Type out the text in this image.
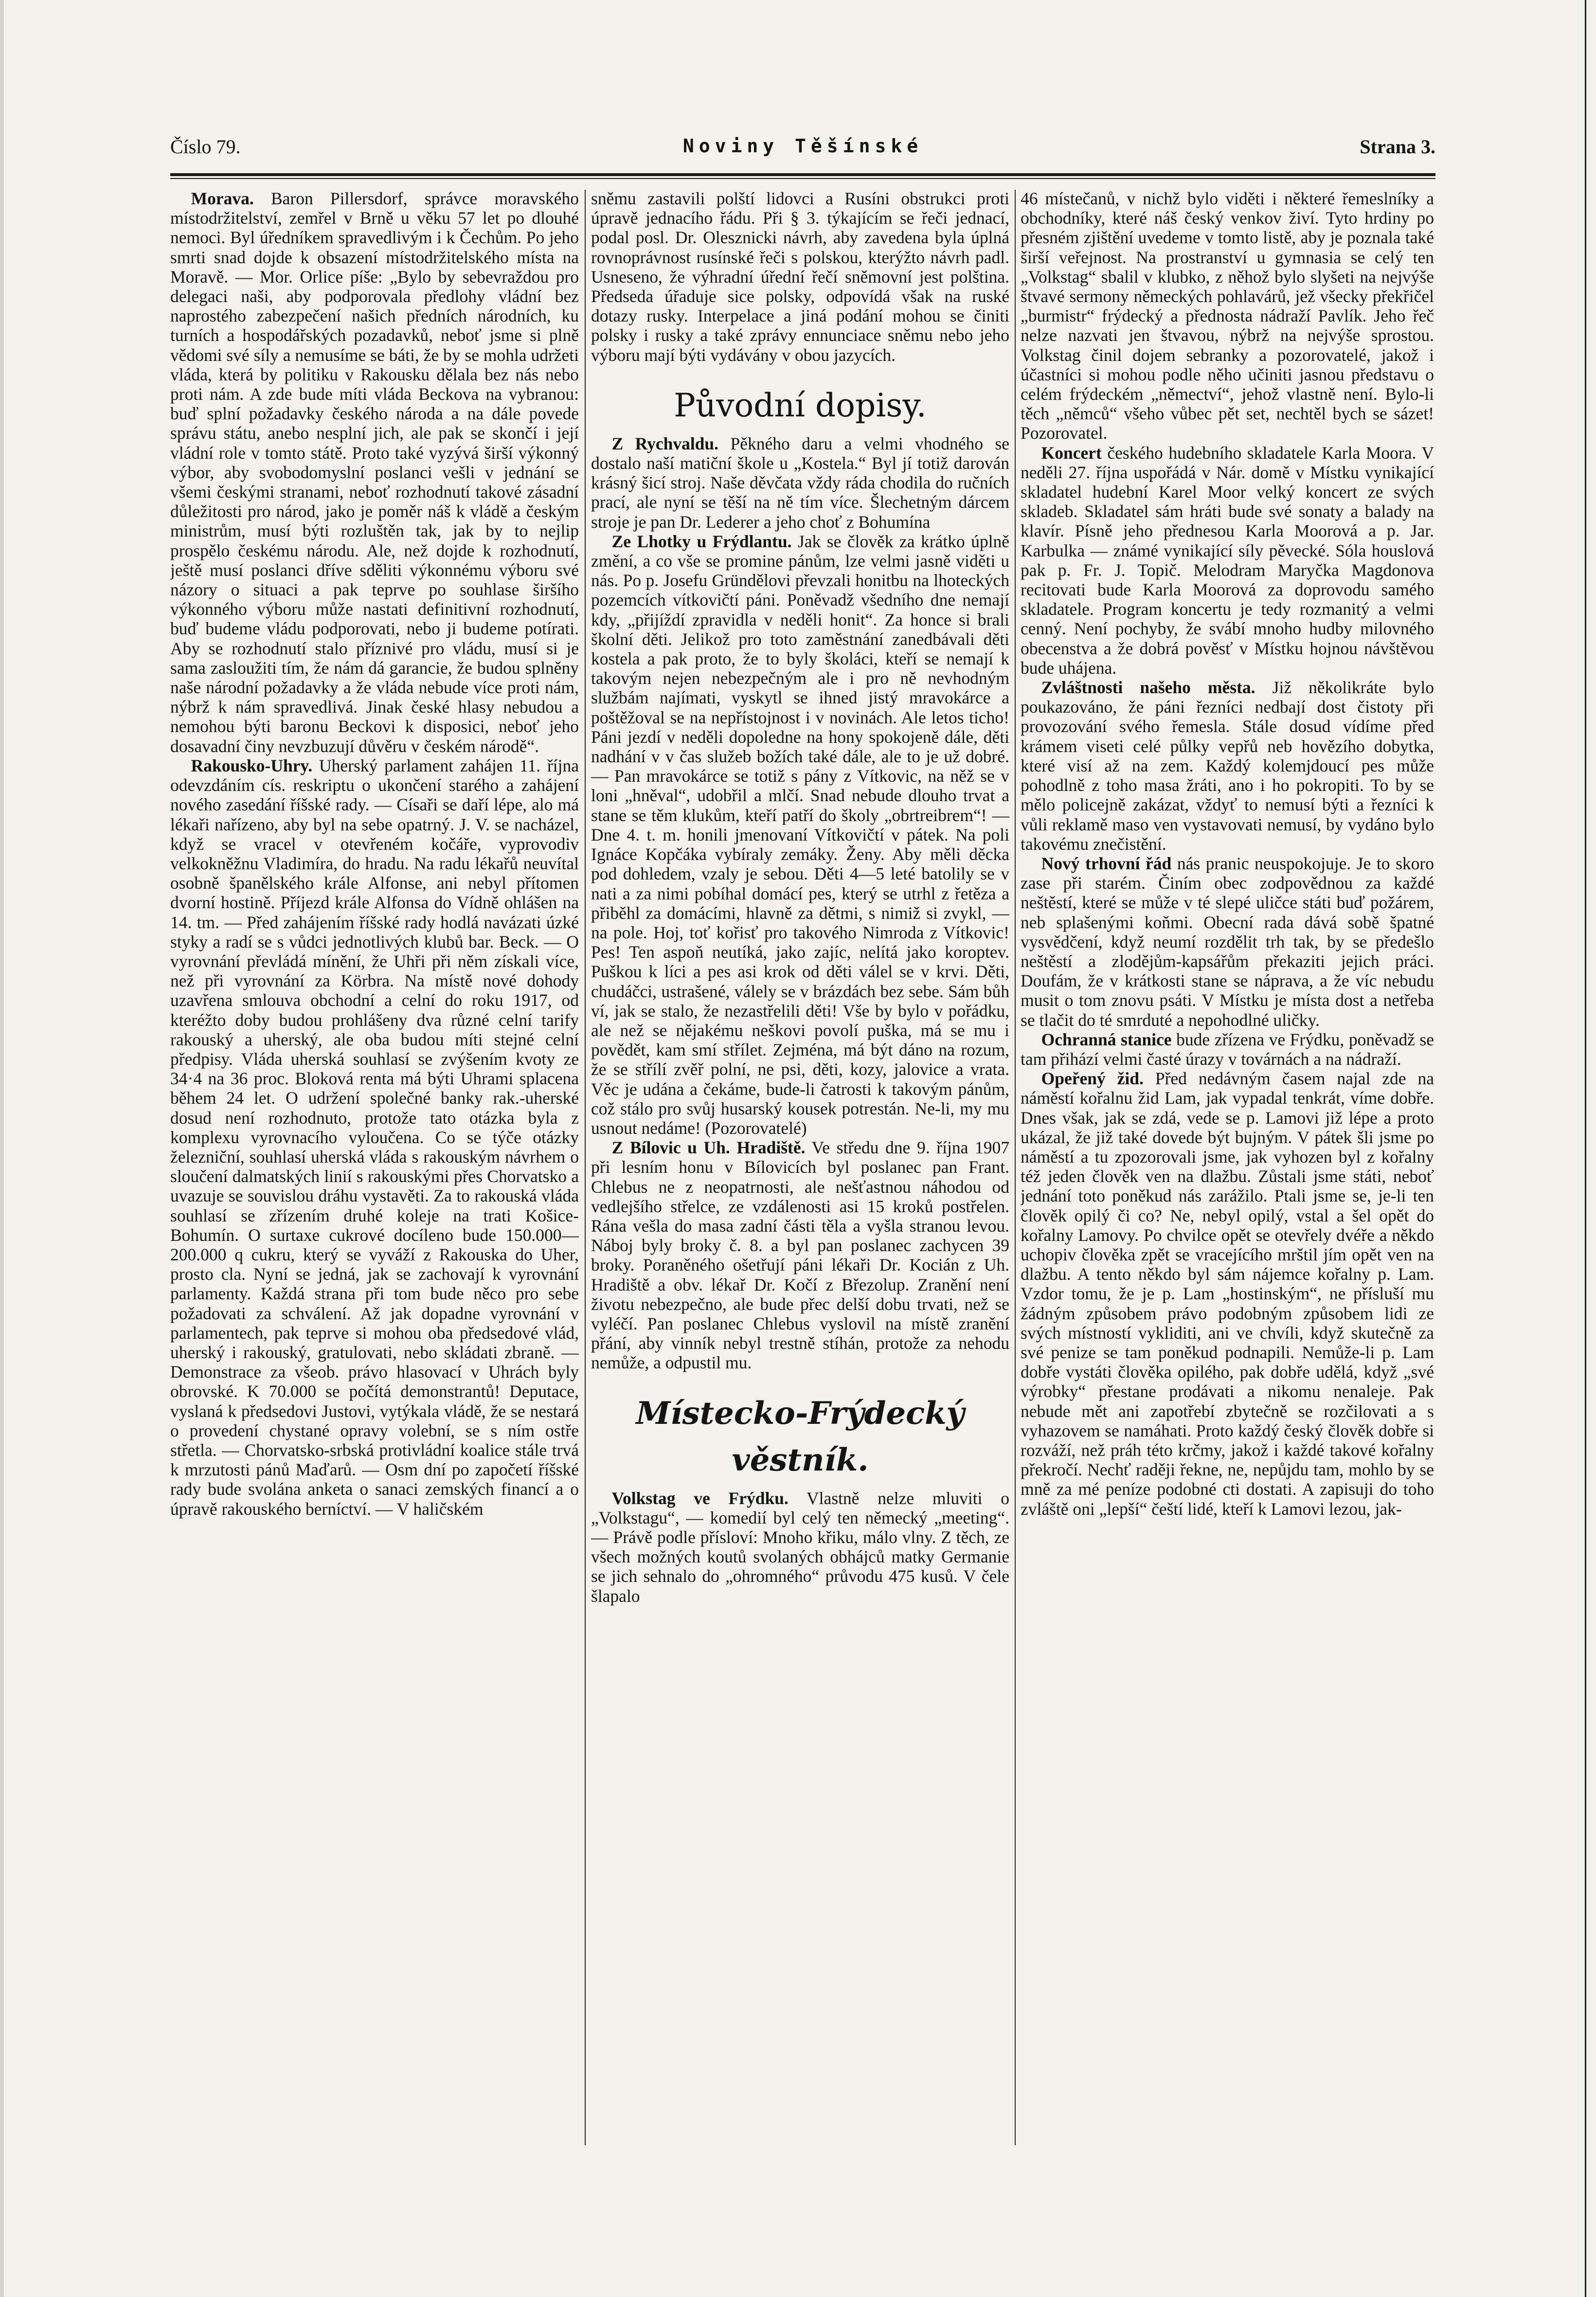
Číslo 79.	Noviny Těšínské	Strana 3.

Morava. Baron Pillersdorf, správce moravského místodržitelství, zemřel v Brně u věku 57 let po dlouhé nemoci. Byl úředníkem spravedlivým i k Čechům. Po jeho smrti snad dojde k obsazení místodržitelského místa na Moravě. — Mor. Orlice píše: „Bylo by sebevraždou pro delegaci naši, aby podporovala předlohy vládní bez naprostého zabezpečení našich předních národních, ku turních a hospodářských pozadavků, neboť jsme si plně vědomi své síly a nemusíme se báti, že by se mohla udržeti vláda, která by politiku v Rakousku dělala bez nás nebo proti nám. A zde bude míti vláda Beckova na vybranou: buď splní požadavky českého národa a na dále povede správu státu, anebo nesplní jich, ale pak se skončí i její vládní role v tomto státě. Proto také vyzývá širší výkonný výbor, aby svobodomyslní poslanci vešli v jednání se všemi českými stranami, neboť rozhodnutí takové zásadní důležitosti pro národ, jako je poměr náš k vládě a českým ministrům, musí býti rozluštěn tak, jak by to nejlip prospělo českému národu. Ale, než dojde k rozhodnutí, ještě musí poslanci dříve sděliti výkonnému výboru své názory o situaci a pak teprve po souhlase širšího výkonného výboru může nastati definitivní rozhodnutí, buď budeme vládu podporovati, nebo ji budeme potírati. Aby se rozhodnutí stalo příznivé pro vládu, musí si je sama zasloužiti tím, že nám dá garancie, že budou splněny naše národní požadavky a že vláda nebude více proti nám, nýbrž k nám spravedlivá. Jinak české hlasy nebudou a nemohou býti baronu Beckovi k disposici, neboť jeho dosavadní činy nevzbuzují důvěru v českém národě“.

Rakousko-Uhry. Uherský parlament zahájen 11. října odevzdáním cís. reskriptu o ukončení starého a zahájení nového zasedání říšské rady. — Císaři se daří lépe, alo má lékaři nařízeno, aby byl na sebe opatrný. J. V. se nacházel, když se vracel v otevřeném kočáře, vyprovodiv velkokněžnu Vladimíra, do hradu. Na radu lékařů neuvítal osobně španělského krále Alfonse, ani nebyl přítomen dvorní hostině. Příjezd krále Alfonsa do Vídně ohlášen na 14. tm. — Před zahájením říšské rady hodlá navázati úzké styky a radí se s vůdci jednotlivých klubů bar. Beck. — O vyrovnání převládá mínění, že Uhři při něm získali více, než při vyrovnání za Körbra. Na místě nové dohody uzavřena smlouva obchodní a celní do roku 1917, od kteréžto doby budou prohlášeny dva různé celní tarify rakouský a uherský, ale oba budou míti stejné celní předpisy. Vláda uherská souhlasí se zvýšením kvoty ze 34·4 na 36 proc. Bloková renta má býti Uhrami splacena během 24 let. O udržení společné banky rak.-uherské dosud není rozhodnuto, protože tato otázka byla z komplexu vyrovnacího vyloučena. Co se týče otázky železniční, souhlasí uherská vláda s rakouským návrhem o sloučení dalmatských linií s rakouskými přes Chorvatsko a uvazuje se souvislou dráhu vystavěti. Za to rakouská vláda souhlasí se zřízením druhé koleje na trati Košice-Bohumín. O surtaxe cukrové docíleno bude 150.000—200.000 q cukru, který se vyváží z Rakouska do Uher, prosto cla. Nyní se jedná, jak se zachovají k vyrovnání parlamenty. Každá strana při tom bude něco pro sebe požadovati za schválení. Až jak dopadne vyrovnání v parlamentech, pak teprve si mohou oba předsedové vlád, uherský i rakouský, gratulovati, nebo skládati zbraně. — Demonstrace za všeob. právo hlasovací v Uhrách byly obrovské. K 70.000 se počítá demonstrantů! Deputace, vyslaná k předsedovi Justovi, vytýkala vládě, že se nestará o provedení chystané opravy volební, se s ním ostře střetla. — Chorvatsko-srbská protivládní koalice stále trvá k mrzutosti pánů Maďarů. — Osm dní po započetí říšské rady bude svolána anketa o sanaci zemských financí a o úpravě rakouského berníctví. — V haličském

sněmu zastavili polští lidovci a Rusíni obstrukci proti úpravě jednacího řádu. Při § 3. týkajícím se řeči jednací, podal posl. Dr. Olesznicki návrh, aby zavedena byla úplná rovnoprávnost rusínské řeči s polskou, kterýžto návrh padl. Usneseno, že výhradní úřední řečí sněmovní jest polština. Předseda úřaduje sice polsky, odpovídá však na ruské dotazy rusky. Interpelace a jiná podání mohou se činiti polsky i rusky a také zprávy ennunciace sněmu nebo jeho výboru mají býti vydávány v obou jazycích.

Původní dopisy.

Z Rychvaldu. Pěkného daru a velmi vhodného se dostalo naší matiční škole u „Kostela.“ Byl jí totiž darován krásný šicí stroj. Naše děvčata vždy ráda chodila do ručních prací, ale nyní se těší na ně tím více. Šlechetným dárcem stroje je pan Dr. Lederer a jeho choť z Bohumína

Ze Lhotky u Frýdlantu. Jak se člověk za krátko úplně změní, a co vše se promine pánům, lze velmi jasně viděti u nás. Po p. Josefu Gründělovi převzali honitbu na lhoteckých pozemcích vítkovičtí páni. Poněvadž všedního dne nemají kdy, „přijíždí zpravidla v neděli honit“. Za honce si brali školní děti. Jelikož pro toto zaměstnání zanedbávali děti kostela a pak proto, že to byly školáci, kteří se nemají k takovým nejen nebezpečným ale i pro ně nevhodným službám najímati, vyskytl se ihned jistý mravokárce a poštěžoval se na nepřístojnost i v novinách. Ale letos ticho! Páni jezdí v neděli dopoledne na hony spokojeně dále, děti nadhání v v čas služeb božích také dále, ale to je už dobré. — Pan mravokárce se totiž s pány z Vítkovic, na něž se v loni „hněval“, udobřil a mlčí. Snad nebude dlouho trvat a stane se těm klukům, kteří patří do školy „obrtreibrem“! — Dne 4. t. m. honili jmenovaní Vítkovičtí v pátek. Na poli Ignáce Kopčáka vybíraly zemáky. Ženy. Aby měli děcka pod dohledem, vzaly je sebou. Děti 4—5 leté batolily se v nati a za nimi pobíhal domácí pes, který se utrhl z řetěza a přiběhl za domácími, hlavně za dětmi, s nimiž si zvykl, — na pole. Hoj, toť kořisť pro takového Nimroda z Vítkovic! Pes! Ten aspoň neutíká, jako zajíc, nelítá jako koroptev. Puškou k líci a pes asi krok od děti válel se v krvi. Děti, chudáčci, ustrašené, válely se v brázdách bez sebe. Sám bůh ví, jak se stalo, že nezastřelili děti! Vše by bylo v pořádku, ale než se nějakému neškovi povolí puška, má se mu i povědět, kam smí střílet. Zejména, má být dáno na rozum, že se střílí zvěř polní, ne psi, děti, kozy, jalovice a vrata. Věc je udána a čekáme, bude-li čatrosti k takovým pánům, což stálo pro svůj husarský kousek potrestán. Ne-li, my mu usnout nedáme! (Pozorovatelé)

Z Bílovic u Uh. Hradiště. Ve středu dne 9. října 1907 při lesním honu v Bílovicích byl poslanec pan Frant. Chlebus ne z neopatrnosti, ale nešťastnou náhodou od vedlejšího střelce, ze vzdálenosti asi 15 kroků postřelen. Rána vešla do masa zadní části těla a vyšla stranou levou. Náboj byly broky č. 8. a byl pan poslanec zachycen 39 broky. Poraněného ošetřují páni lékaři Dr. Kocián z Uh. Hradiště a obv. lékař Dr. Kočí z Březolup. Zranění není životu nebezpečno, ale bude přec delší dobu trvati, než se vyléčí. Pan poslanec Chlebus vyslovil na místě zranění přání, aby vinník nebyl trestně stíhán, protože za nehodu nemůže, a odpustil mu.

Místecko-Frýdecký věstník.

Volkstag ve Frýdku. Vlastně nelze mluviti o „Volkstagu“, — komedií byl celý ten německý „meeting“. — Právě podle přísloví: Mnoho křiku, málo vlny. Z těch, ze všech možných koutů svolaných obhájců matky Germanie se jich sehnalo do „ohromného“ průvodu 475 kusů. V čele šlapalo

46 místečanů, v nichž bylo viděti i některé řemeslníky a obchodníky, které náš český venkov živí. Tyto hrdiny po přesném zjištění uvedeme v tomto listě, aby je poznala také širší veřejnost. Na prostranství u gymnasia se celý ten „Volkstag“ sbalil v klubko, z něhož bylo slyšeti na nejvýše štvavé sermony německých pohlavárů, jež všecky překřičel „burmistr“ frýdecký a přednosta nádraží Pavlík. Jeho řeč nelze nazvati jen štvavou, nýbrž na nejvýše sprostou. Volkstag činil dojem sebranky a pozorovatelé, jakož i účastníci si mohou podle něho učiniti jasnou představu o celém frýdeckém „němectví“, jehož vlastně není. Bylo-li těch „němců“ všeho vůbec pět set, nechtěl bych se sázet! Pozorovatel.

Koncert českého hudebního skladatele Karla Moora. V neděli 27. října uspořádá v Nár. domě v Místku vynikající skladatel hudební Karel Moor velký koncert ze svých skladeb. Skladatel sám hráti bude své sonaty a balady na klavír. Písně jeho přednesou Karla Moorová a p. Jar. Karbulka — známé vynikající síly pěvecké. Sóla houslová pak p. Fr. J. Topič. Melodram Maryčka Magdonova recitovati bude Karla Moorová za doprovodu samého skladatele. Program koncertu je tedy rozmanitý a velmi cenný. Není pochyby, že svábí mnoho hudby milovného obecenstva a že dobrá pověsť v Místku hojnou návštěvou bude uhájena.

Zvláštnosti našeho města. Již několikráte bylo poukazováno, že páni řezníci nedbají dost čistoty při provozování svého řemesla. Stále dosud vídíme před krámem viseti celé půlky vepřů neb hovězího dobytka, které visí až na zem. Každý kolemjdoucí pes může pohodlně z toho masa žráti, ano i ho pokropiti. To by se mělo policejně zakázat, vždyť to nemusí býti a řezníci k vůli reklamě maso ven vystavovati nemusí, by vydáno bylo takovému znečistění.

Nový trhovní řád nás pranic neuspokojuje. Je to skoro zase při starém. Činím obec zodpovědnou za každé neštěstí, které se může v té slepé uličce státi buď požárem, neb splašenými koňmi. Obecní rada dává sobě špatné vysvědčení, když neumí rozdělit trh tak, by se předešlo neštěstí a zlodějům-kapsářům překaziti jejich práci. Doufám, že v krátkosti stane se náprava, a že víc nebudu musit o tom znovu psáti. V Místku je místa dost a netřeba se tlačit do té smrduté a nepohodlné uličky.

Ochranná stanice bude zřízena ve Frýdku, poněvadž se tam přihází velmi časté úrazy v továrnách a na nádraží.

Opeřený žid. Před nedávným časem najal zde na náměstí kořalnu žid Lam, jak vypadal tenkrát, víme dobře. Dnes však, jak se zdá, vede se p. Lamovi již lépe a proto ukázal, že již také dovede být bujným. V pátek šli jsme po náměstí a tu zpozorovali jsme, jak vyhozen byl z kořalny též jeden člověk ven na dlažbu. Zůstali jsme státi, neboť jednání toto poněkud nás zarážilo. Ptali jsme se, je-li ten člověk opilý či co? Ne, nebyl opilý, vstal a šel opět do kořalny Lamovy. Po chvilce opět se otevřely dvéře a někdo uchopiv člověka zpět se vracejícího mrštil jím opět ven na dlažbu. A tento někdo byl sám nájemce kořalny p. Lam. Vzdor tomu, že je p. Lam „hostinským“, ne přísluší mu žádným způsobem právo podobným způsobem lidi ze svých místností vykliditi, ani ve chvíli, když skutečně za své penize se tam poněkud podnapili. Nemůže-li p. Lam dobře vystáti člověka opilého, pak dobře udělá, když „své výrobky“ přestane prodávati a nikomu nenaleje. Pak nebude mět ani zapotřebí zbytečně se rozčilovati a s vyhazovem se namáhati. Proto každý český člověk dobře si rozváží, než práh této krčmy, jakož i každé takové kořalny překročí. Nechť raději řekne, ne, nepůjdu tam, mohlo by se mně za mé peníze podobné cti dostati. A zapisuji do toho zvláště oni „lepší“ čeští lidé, kteří k Lamovi lezou, jak-
